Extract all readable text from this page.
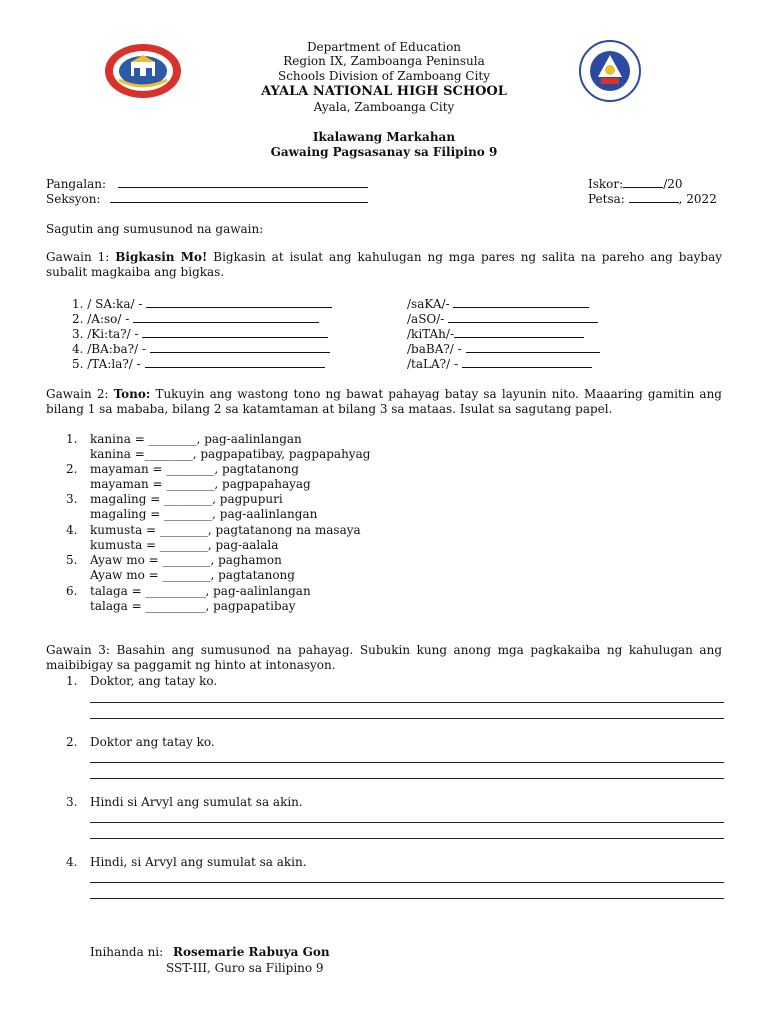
Department of Education
Region IX, Zamboanga Peninsula
Schools Division of Zamboang City
AYALA NATIONAL HIGH SCHOOL
Ayala, Zamboanga City
Ikalawang Markahan
Gawaing Pagsasanay sa Filipino 9
Pangalan:
Seksyon:
Iskor:	/20
Petsa:	, 2022
Sagutin ang sumusunod na gawain:
Gawain 1: Bigkasin Mo! Bigkasin at isulat ang kahulugan ng mga pares ng salita na pareho ang baybay subalit magkaiba ang bigkas.
1. / SA:ka/ -
2. /A:so/ -
3. /Ki:ta?/ -
4. /BA:ba?/ -
5. /TA:la?/ -
/saKA/-
/aSO/-
/kiTAh/-
/baBA?/ -
/taLA?/ -
Gawain 2: Tono: Tukuyin ang wastong tono ng bawat pahayag batay sa layunin nito. Maaaring gamitin ang bilang 1 sa mababa, bilang 2 sa katamtaman at bilang 3 sa mataas. Isulat sa sagutang papel.
1. kanina = ________, pag-aalinlangan
kanina =________, pagpapatibay, pagpapahyag
2. mayaman = ________, pagtatanong
mayaman = ________, pagpapahayag
3. magaling = ________, pagpupuri
magaling = ________, pag-aalinlangan
4. kumusta = ________, pagtatanong na masaya
kumusta = ________, pag-aalala
5. Ayaw mo = ________, paghamon
Ayaw mo = ________, pagtatanong
6. talaga = __________, pag-aalinlangan
talaga = __________, pagpapatibay
Gawain 3: Basahin ang sumusunod na pahayag. Subukin kung anong mga pagkakaiba ng kahulugan ang maibibigay sa paggamit ng hinto at intonasyon.
1. Doktor, ang tatay ko.
2. Doktor ang tatay ko.
3. Hindi si Arvyl ang sumulat sa akin.
4. Hindi, si Arvyl ang sumulat sa akin.
Inihanda ni: Rosemarie Rabuya Gon
SST-III, Guro sa Filipino 9
